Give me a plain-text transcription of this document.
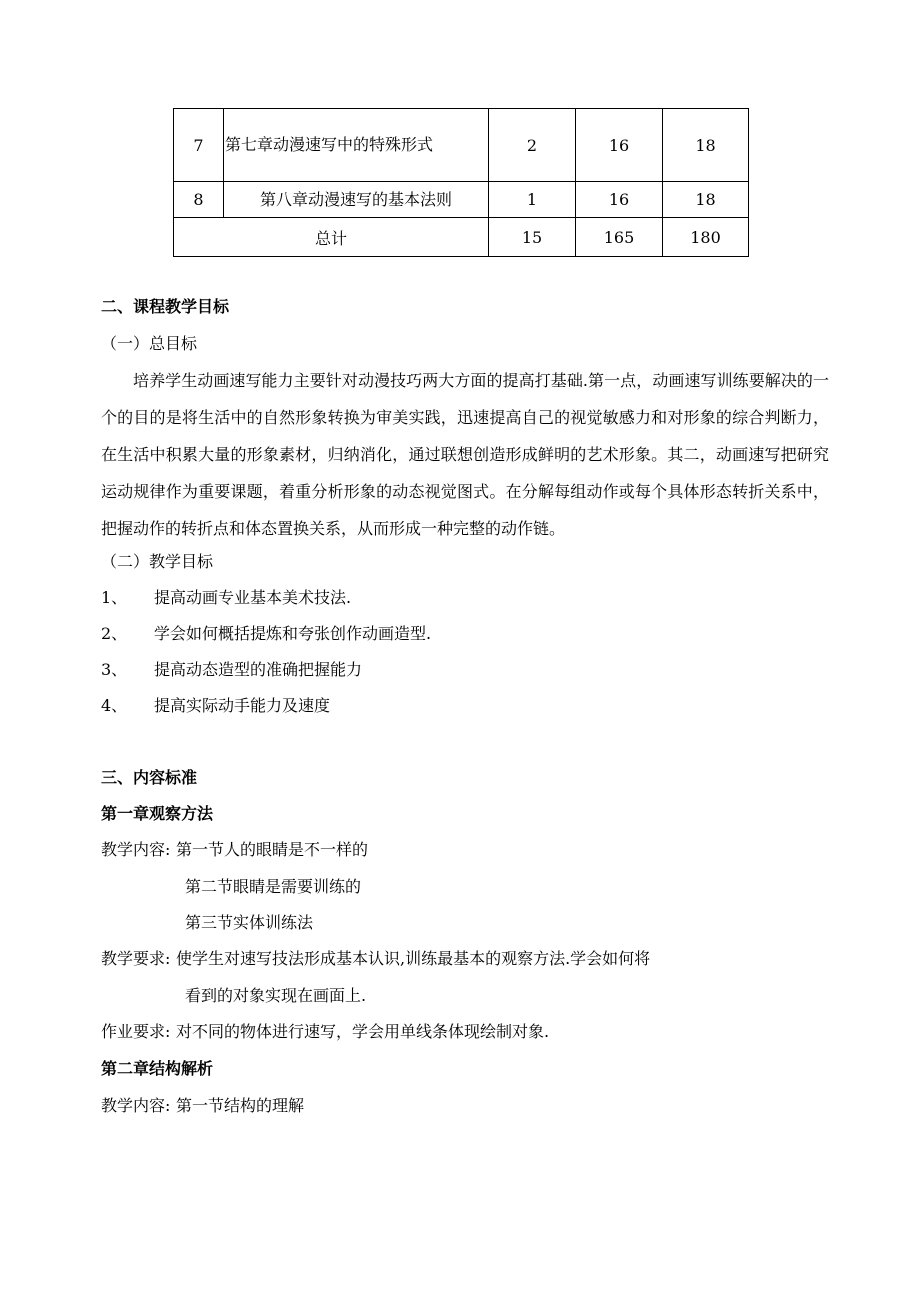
7	第七章动漫速写中的特殊形式	2	16	18
8	第八章动漫速写的基本法则	1	16	18
总计		15	165	180
二、课程教学目标
（一）总目标
培养学生动画速写能力主要针对动漫技巧两大方面的提高打基础.第一点，动画速写训练要解决的一个的目的是将生活中的自然形象转换为审美实践，迅速提高自己的视觉敏感力和对形象的综合判断力，在生活中积累大量的形象素材，归纳消化，通过联想创造形成鲜明的艺术形象。其二，动画速写把研究运动规律作为重要课题，着重分析形象的动态视觉图式。在分解每组动作或每个具体形态转折关系中，把握动作的转折点和体态置换关系，从而形成一种完整的动作链。
（二）教学目标
1、 提高动画专业基本美术技法.
2、 学会如何概括提炼和夸张创作动画造型.
3、 提高动态造型的准确把握能力
4、 提高实际动手能力及速度
三、内容标准
第一章观察方法
教学内容: 第一节人的眼睛是不一样的
第二节眼睛是需要训练的
第三节实体训练法
教学要求: 使学生对速写技法形成基本认识,训练最基本的观察方法.学会如何将
看到的对象实现在画面上.
作业要求: 对不同的物体进行速写，学会用单线条体现绘制对象.
第二章结构解析
教学内容: 第一节结构的理解
